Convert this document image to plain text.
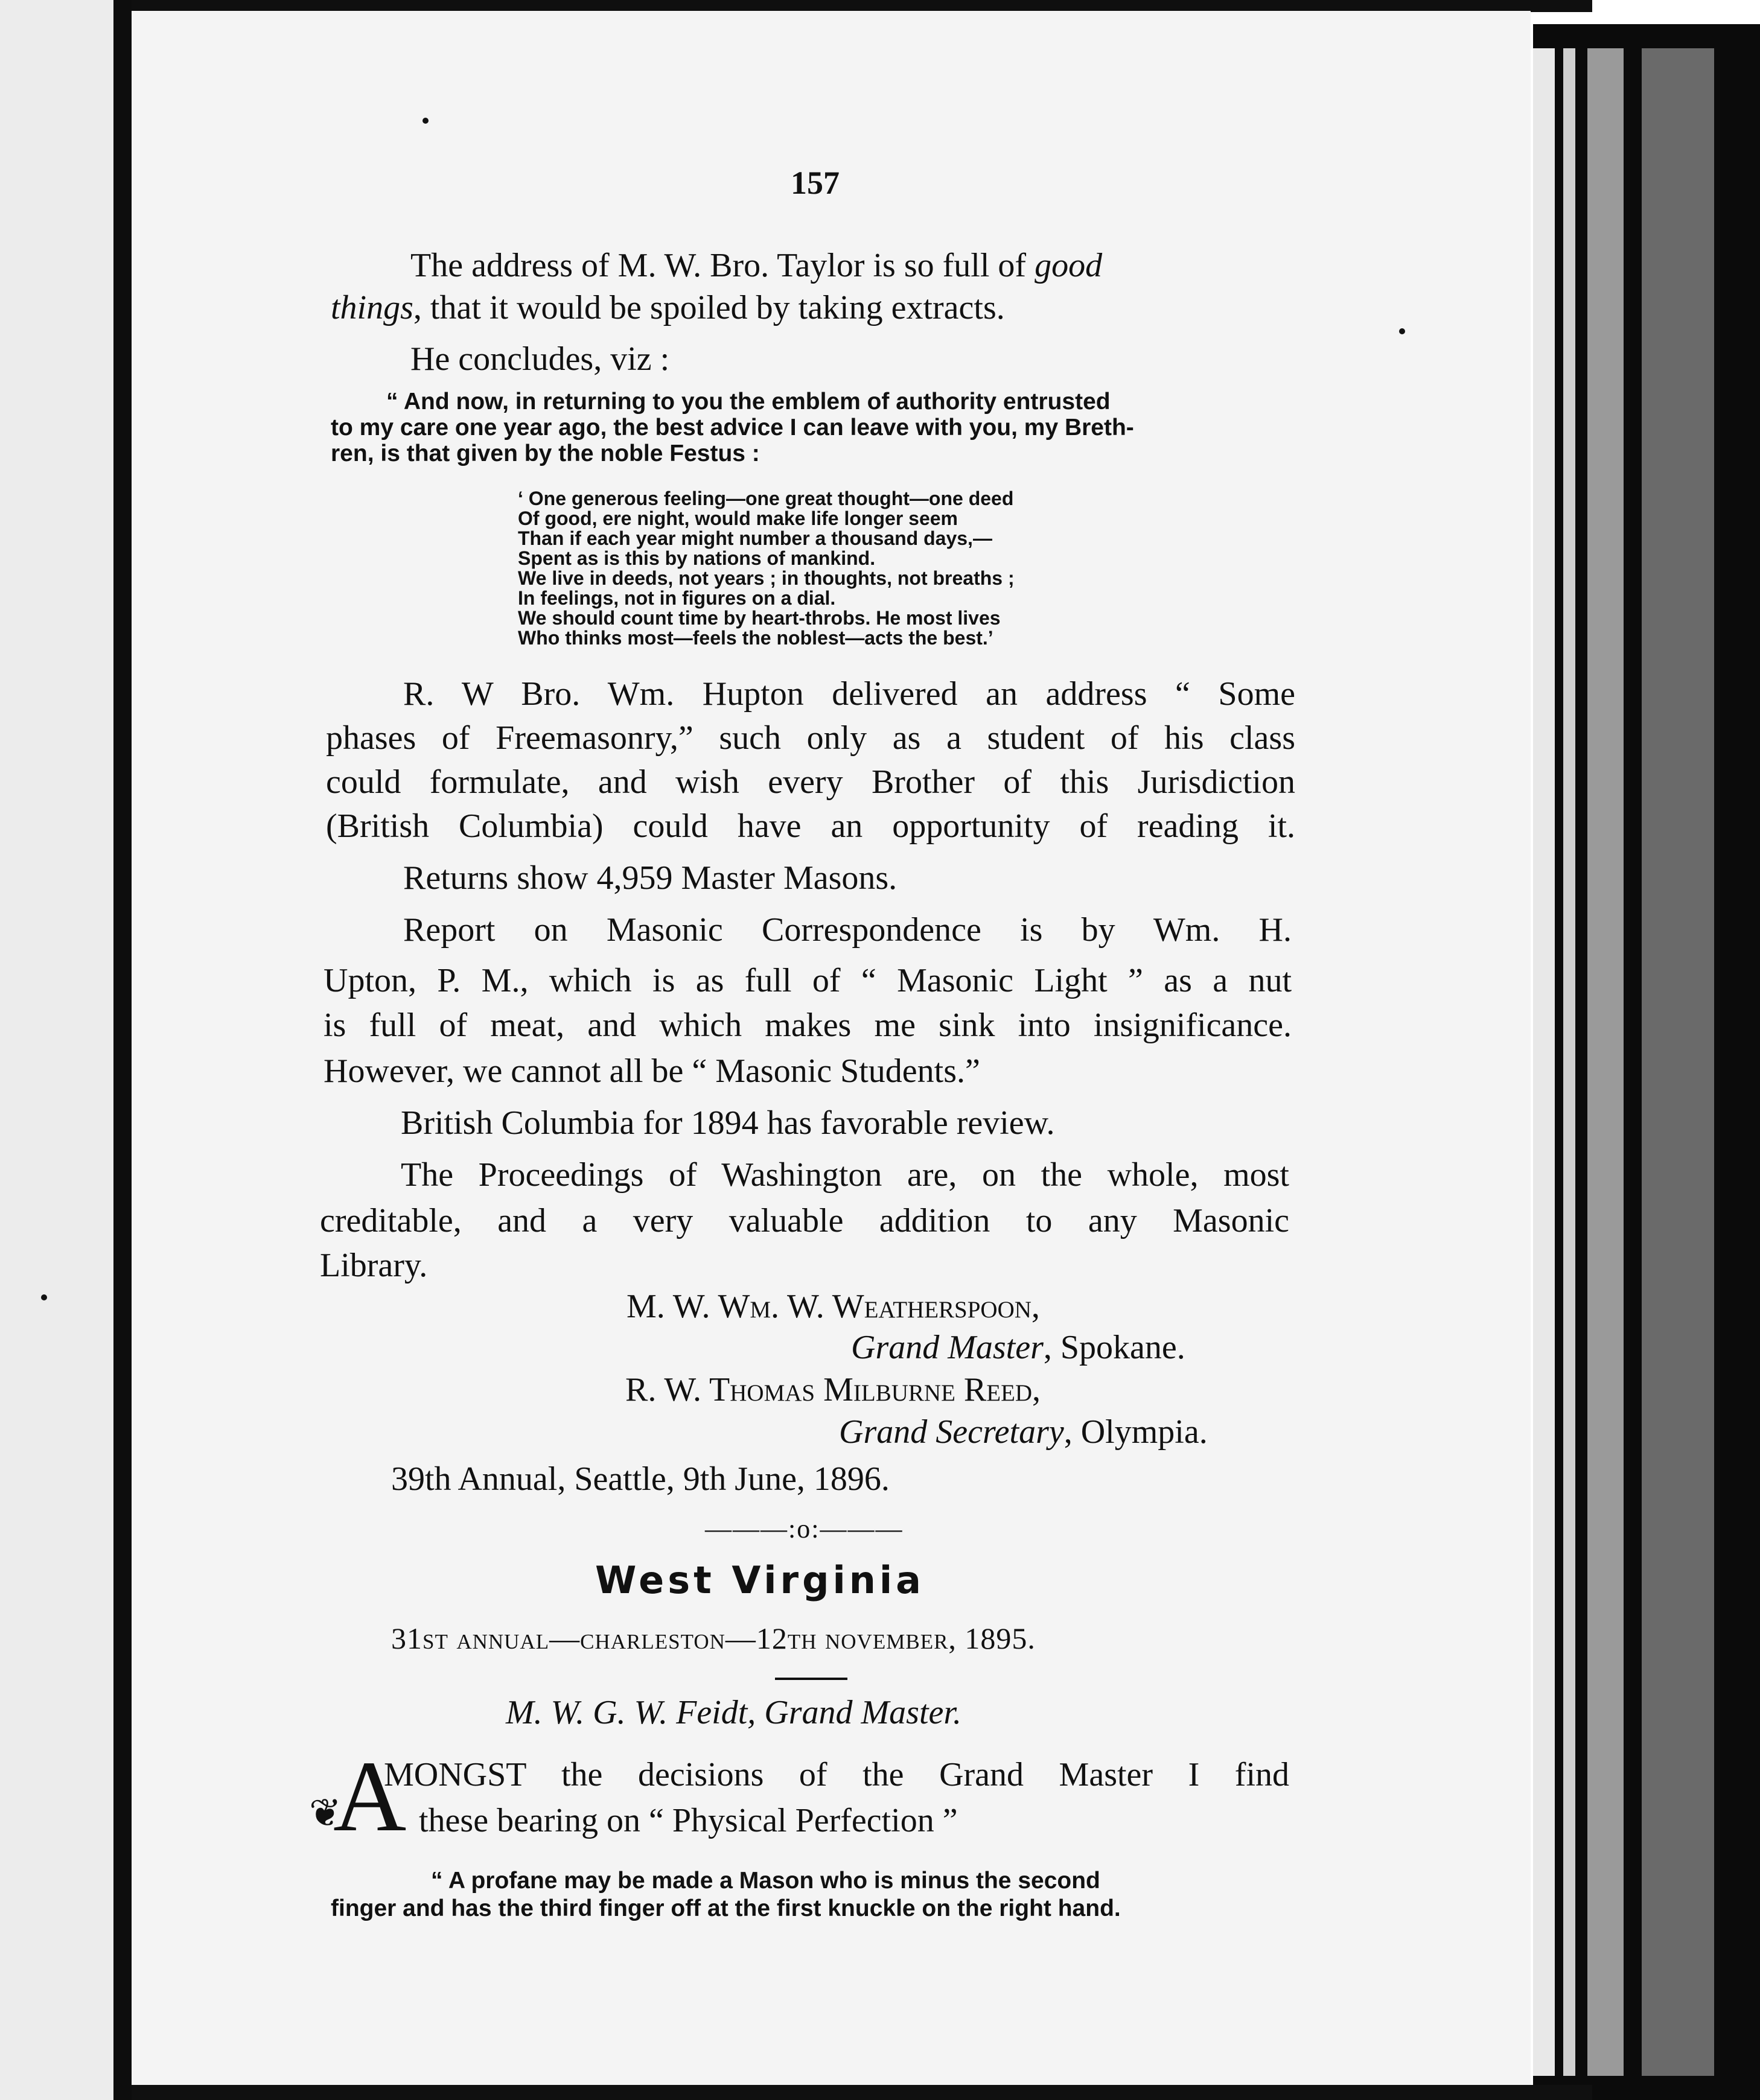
157
The address of M. W. Bro. Taylor is so full of good
things, that it would be spoiled by taking extracts.
He concludes, viz :
“ And now, in returning to you the emblem of authority entrusted
to my care one year ago, the best advice I can leave with you, my Breth-
ren, is that given by the noble Festus :
‘ One generous feeling—one great thought—one deed
Of good, ere night, would make life longer seem
Than if each year might number a thousand days,—
Spent as is this by nations of mankind.
We live in deeds, not years ; in thoughts, not breaths ;
In feelings, not in figures on a dial.
We should count time by heart-throbs. He most lives
Who thinks most—feels the noblest—acts the best.’
R. W Bro. Wm. Hupton delivered an address “ Some
phases of Freemasonry,” such only as a student of his class
could formulate, and wish every Brother of this Jurisdiction
(British Columbia) could have an opportunity of reading it.
Returns show 4,959 Master Masons.
Report on Masonic Correspondence is by Wm. H.
Upton, P. M., which is as full of “ Masonic Light ” as a nut
is full of meat, and which makes me sink into insignificance.
However, we cannot all be “ Masonic Students.”
British Columbia for 1894 has favorable review.
The Proceedings of Washington are, on the whole, most
creditable, and a very valuable addition to any Masonic
Library.
M. W. Wm. W. Weatherspoon,
Grand Master, Spokane.
R. W. Thomas Milburne Reed,
Grand Secretary, Olympia.
39th Annual, Seattle, 9th June, 1896.
———:o:———
West Virginia
31st annual—charleston—12th november, 1895.
M. W. G. W. Feidt, Grand Master.
A
❦
MONGST the decisions of the Grand Master I find
these bearing on “ Physical Perfection ”
“ A profane may be made a Mason who is minus the second
finger and has the third finger off at the first knuckle on the right hand.
